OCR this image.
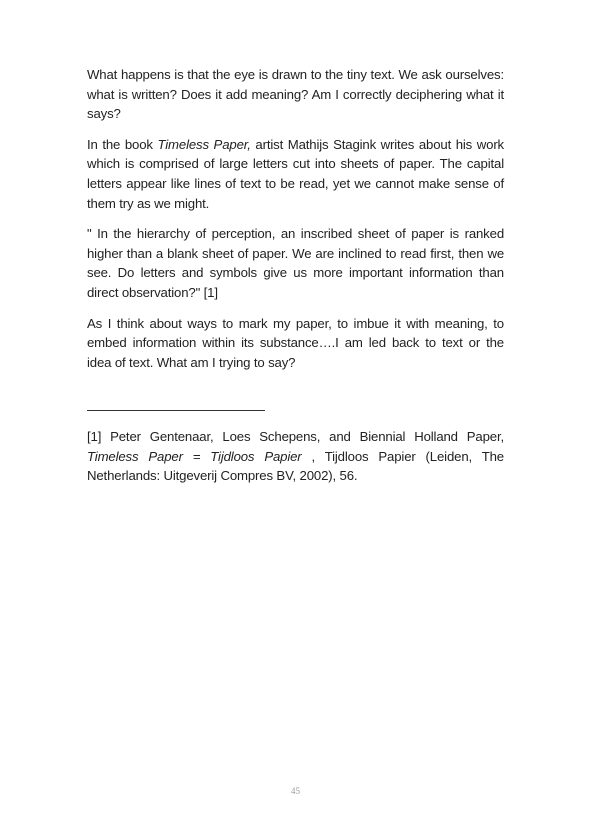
What happens is that the eye is drawn to the tiny text. We ask ourselves: what is written? Does it add meaning? Am I correctly deciphering what it says?

In the book Timeless Paper, artist Mathijs Stagink writes about his work which is comprised of large letters cut into sheets of paper. The capital letters appear like lines of text to be read, yet we cannot make sense of them try as we might.

" In the hierarchy of perception, an inscribed sheet of paper is ranked higher than a blank sheet of paper. We are inclined to read first, then we see. Do letters and symbols give us more important information than direct observation?" [1]

As I think about ways to mark my paper, to imbue it with meaning, to embed information within its substance….I am led back to text or the idea of text. What am I trying to say?

[1] Peter Gentenaar, Loes Schepens, and Biennial Holland Paper, Timeless Paper = Tijdloos Papier , Tijdloos Papier (Leiden, The Netherlands: Uitgeverij Compres BV, 2002), 56.

45
